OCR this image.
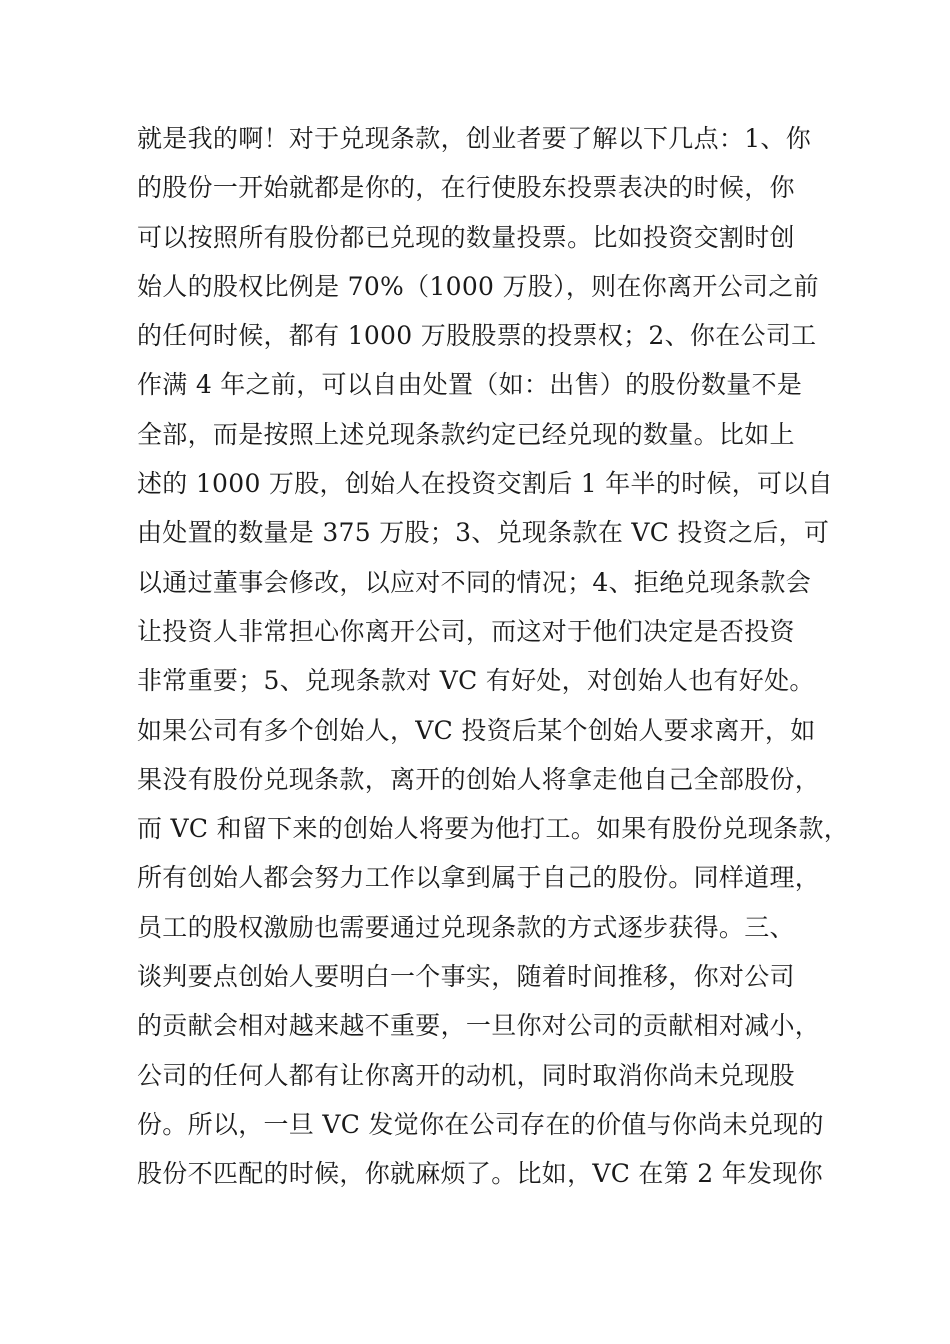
就是我的啊！对于兑现条款，创业者要了解以下几点：1、你
的股份一开始就都是你的，在行使股东投票表决的时候，你
可以按照所有股份都已兑现的数量投票。比如投资交割时创
始人的股权比例是 70%（1000 万股），则在你离开公司之前
的任何时候，都有 1000 万股股票的投票权；2、你在公司工
作满 4 年之前，可以自由处置（如：出售）的股份数量不是
全部，而是按照上述兑现条款约定已经兑现的数量。比如上
述的 1000 万股，创始人在投资交割后 1 年半的时候，可以自
由处置的数量是 375 万股；3、兑现条款在 VC 投资之后，可
以通过董事会修改，以应对不同的情况；4、拒绝兑现条款会
让投资人非常担心你离开公司，而这对于他们决定是否投资
非常重要；5、兑现条款对 VC 有好处，对创始人也有好处。
如果公司有多个创始人，VC 投资后某个创始人要求离开，如
果没有股份兑现条款，离开的创始人将拿走他自己全部股份，
而 VC 和留下来的创始人将要为他打工。如果有股份兑现条款，
所有创始人都会努力工作以拿到属于自己的股份。同样道理，
员工的股权激励也需要通过兑现条款的方式逐步获得。三、
谈判要点创始人要明白一个事实，随着时间推移，你对公司
的贡献会相对越来越不重要，一旦你对公司的贡献相对减小，
公司的任何人都有让你离开的动机，同时取消你尚未兑现股
份。所以，一旦 VC 发觉你在公司存在的价值与你尚未兑现的
股份不匹配的时候，你就麻烦了。比如，VC 在第 2 年发现你
